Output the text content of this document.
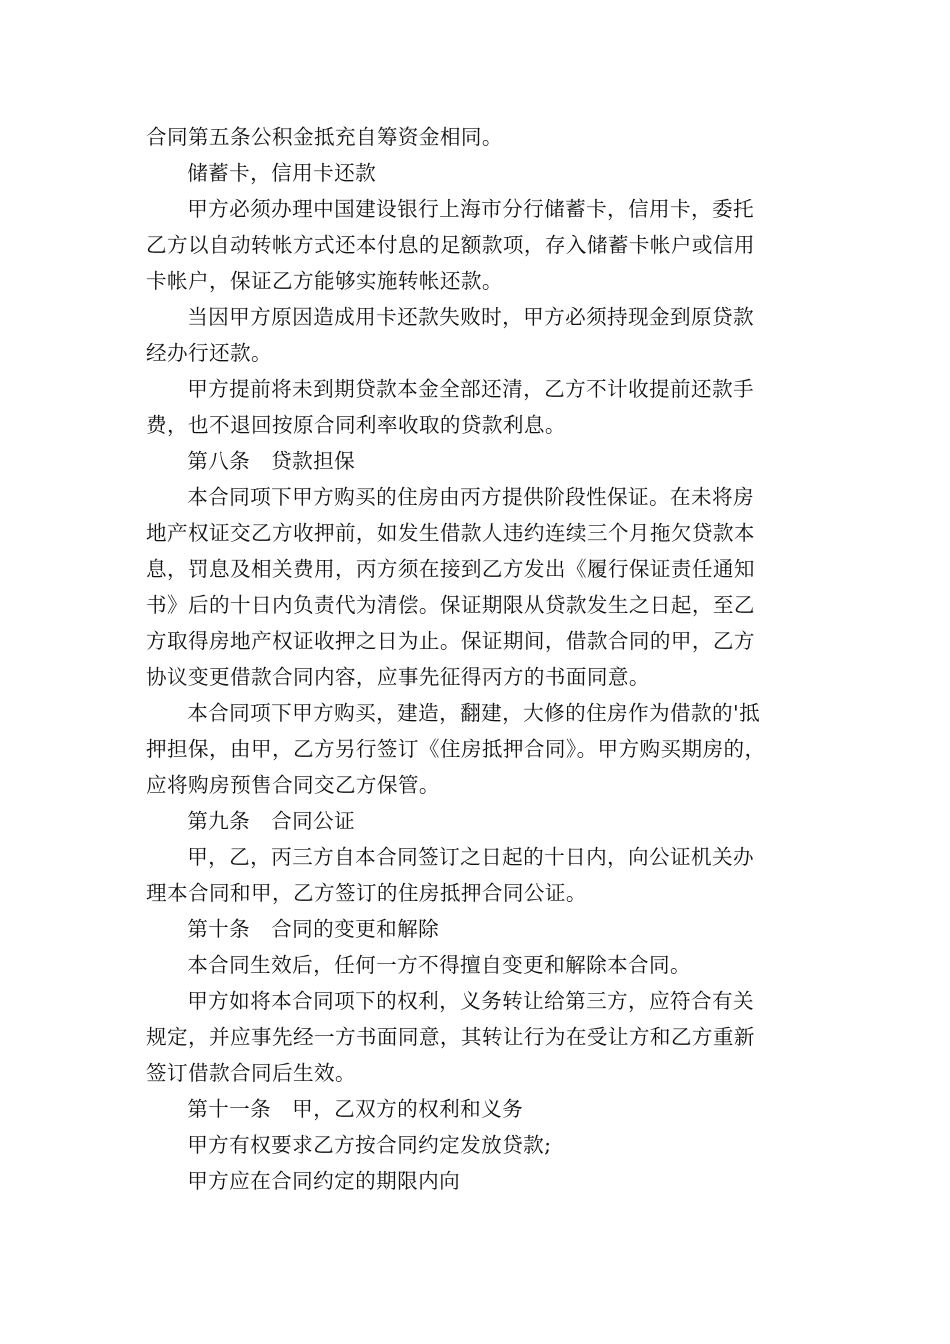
合同第五条公积金抵充自筹资金相同。
储蓄卡，信用卡还款
甲方必须办理中国建设银行上海市分行储蓄卡，信用卡，委托
乙方以自动转帐方式还本付息的足额款项，存入储蓄卡帐户或信用
卡帐户，保证乙方能够实施转帐还款。
当因甲方原因造成用卡还款失败时，甲方必须持现金到原贷款
经办行还款。
甲方提前将未到期贷款本金全部还清，乙方不计收提前还款手
费，也不退回按原合同利率收取的贷款利息。
第八条　贷款担保
本合同项下甲方购买的住房由丙方提供阶段性保证。在未将房
地产权证交乙方收押前，如发生借款人违约连续三个月拖欠贷款本
息，罚息及相关费用，丙方须在接到乙方发出《履行保证责任通知
书》后的十日内负责代为清偿。保证期限从贷款发生之日起，至乙
方取得房地产权证收押之日为止。保证期间，借款合同的甲，乙方
协议变更借款合同内容，应事先征得丙方的书面同意。
本合同项下甲方购买，建造，翻建，大修的住房作为借款的'抵
押担保，由甲，乙方另行签订《住房抵押合同》。甲方购买期房的，
应将购房预售合同交乙方保管。
第九条　合同公证
甲，乙，丙三方自本合同签订之日起的十日内，向公证机关办
理本合同和甲，乙方签订的住房抵押合同公证。
第十条　合同的变更和解除
本合同生效后，任何一方不得擅自变更和解除本合同。
甲方如将本合同项下的权利，义务转让给第三方，应符合有关
规定，并应事先经一方书面同意，其转让行为在受让方和乙方重新
签订借款合同后生效。
第十一条　甲，乙双方的权利和义务
甲方有权要求乙方按合同约定发放贷款;
甲方应在合同约定的期限内向
